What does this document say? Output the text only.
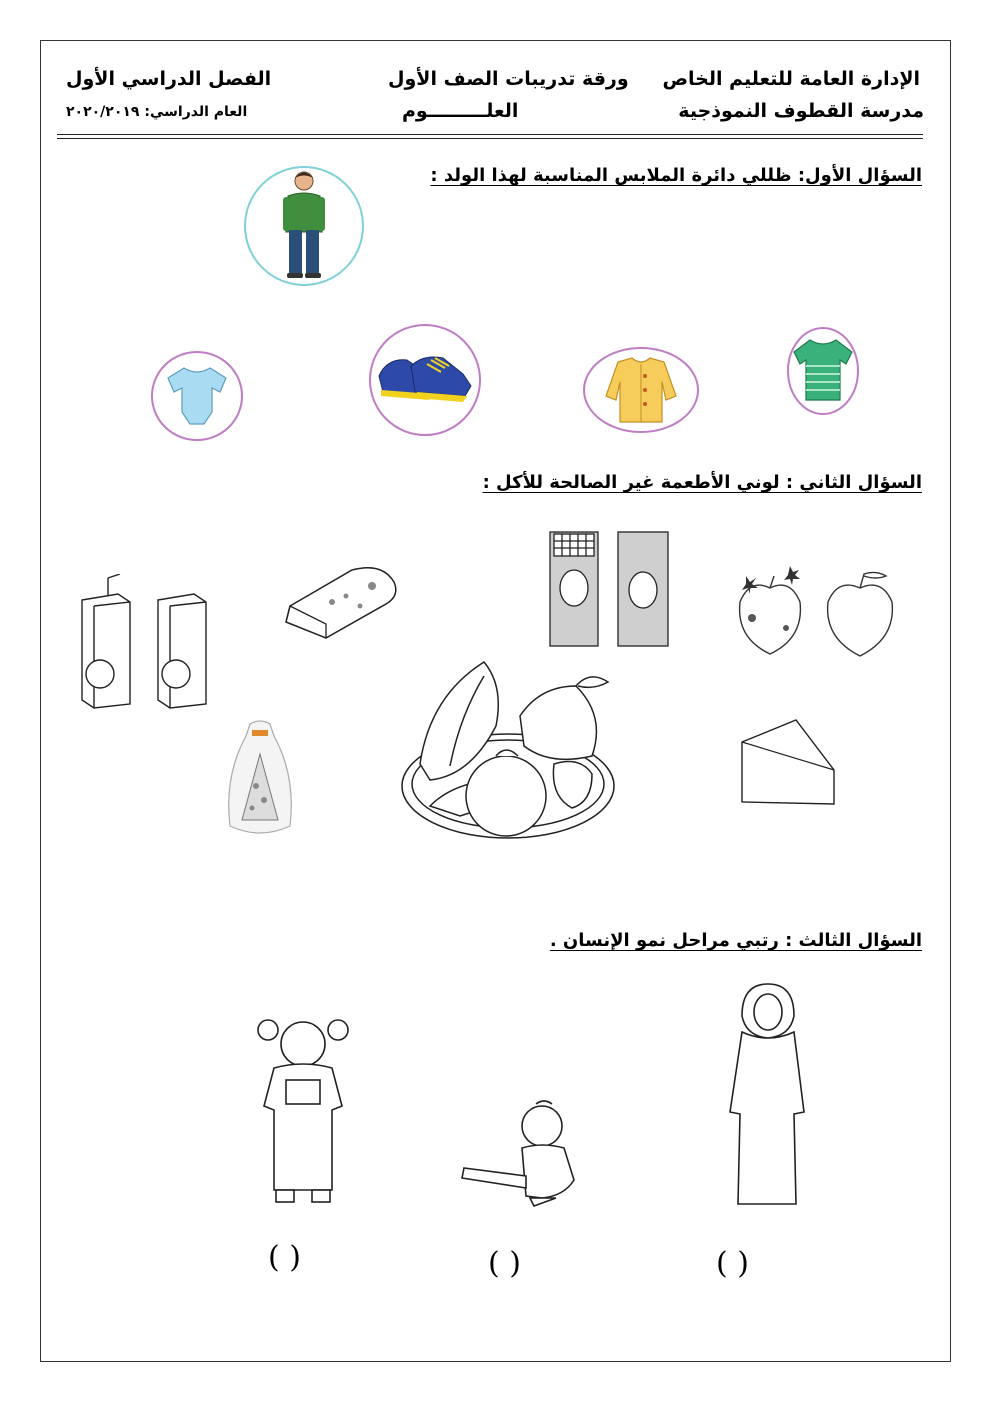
الإدارة العامة للتعليم الخاص
مدرسة القطوف النموذجية
ورقة تدريبات الصف الأول
العلـــــــــوم
الفصل الدراسي الأول
العام الدراسي: ٢٠٢٠/٢٠١٩
السؤال الأول: ظللي دائرة الملابس المناسبة لهذا الولد :
السؤال الثاني : لوني الأطعمة غير الصالحة للأكل :
السؤال الثالث : رتبي مراحل نمو الإنسان .
( )	( )	( )
